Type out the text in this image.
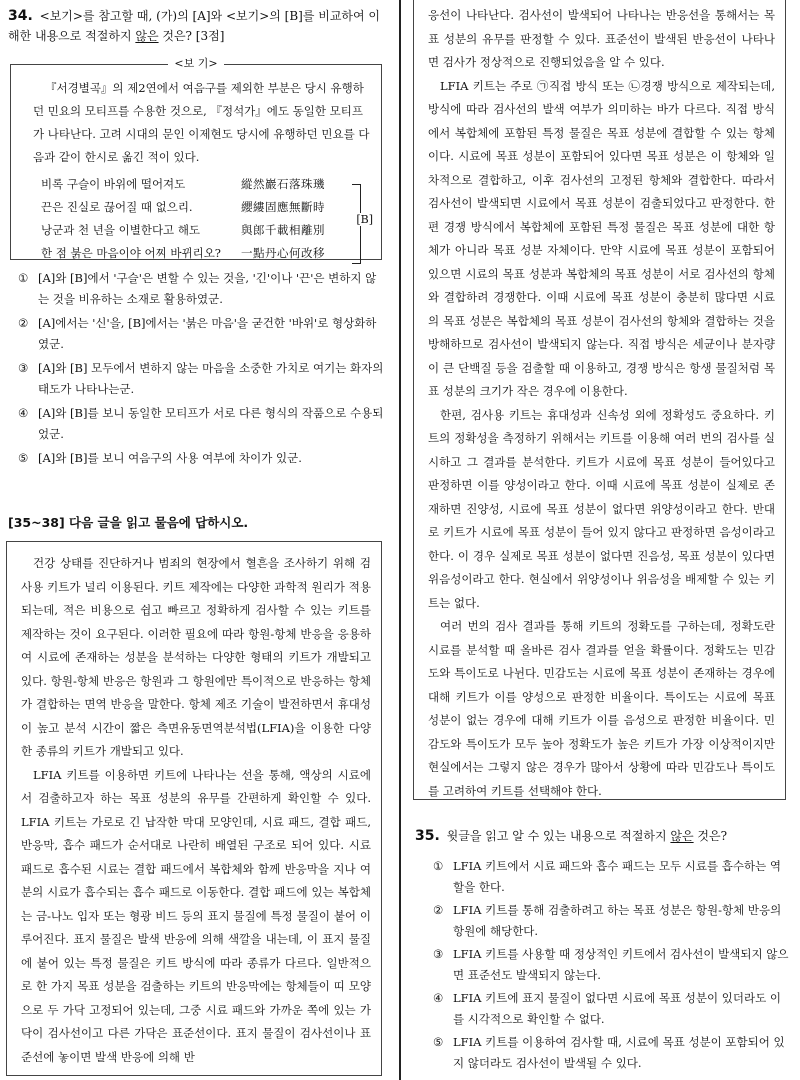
34. <보기>를 참고할 때, (가)의 [A]와 <보기>의 [B]를 비교하여 이해한 내용으로 적절하지 않은 것은? [3점]
<보 기>

『서경별곡』의 제2연에서 여음구를 제외한 부분은 당시 유행하던 민요의 모티프를 수용한 것으로, 『정석가』에도 동일한 모티프가 나타난다. 고려 시대의 문인 이제현도 당시에 유행하던 민요를 다음과 같이 한시로 옮긴 적이 있다.

비록 구슬이 바위에 떨어져도	縱然巖石落珠璣
끈은 진실로 끊어질 때 없으리.	纓縷固應無斷時
낭군과 천 년을 이별한다고 해도	與郎千載相離別
한 점 붉은 마음이야 어찌 바뀌리오? 一點丹心何改移
[B]
① [A]와 [B]에서 '구슬'은 변할 수 있는 것을, '긴'이나 '끈'은 변하지 않는 것을 비유하는 소재로 활용하였군.
② [A]에서는 '신'을, [B]에서는 '붉은 마음'을 굳건한 '바위'로 형상화하였군.
③ [A]와 [B] 모두에서 변하지 않는 마음을 소중한 가치로 여기는 화자의 태도가 나타나는군.
④ [A]와 [B]를 보니 동일한 모티프가 서로 다른 형식의 작품으로 수용되었군.
⑤ [A]와 [B]를 보니 여음구의 사용 여부에 차이가 있군.
[35~38] 다음 글을 읽고 물음에 답하시오.

건강 상태를 진단하거나 범죄의 현장에서 혈흔을 조사하기 위해 검사용 키트가 널리 이용된다. 키트 제작에는 다양한 과학적 원리가 적용되는데, 적은 비용으로 쉽고 빠르고 정확하게 검사할 수 있는 키트를 제작하는 것이 요구된다. 이러한 필요에 따라 항원-항체 반응을 응용하여 시료에 존재하는 성분을 분석하는 다양한 형태의 키트가 개발되고 있다. 항원-항체 반응은 항원과 그 항원에만 특이적으로 반응하는 항체가 결합하는 면역 반응을 말한다. 항체 제조 기술이 발전하면서 휴대성이 높고 분석 시간이 짧은 측면유동면역분석법(LFIA)을 이용한 다양한 종류의 키트가 개발되고 있다.

LFIA 키트를 이용하면 키트에 나타나는 선을 통해, 액상의 시료에서 검출하고자 하는 목표 성분의 유무를 간편하게 확인할 수 있다. LFIA 키트는 가로로 긴 납작한 막대 모양인데, 시료 패드, 결합 패드, 반응막, 흡수 패드가 순서대로 나란히 배열된 구조로 되어 있다. 시료 패드로 흡수된 시료는 결합 패드에서 복합체와 함께 반응막을 지나 여분의 시료가 흡수되는 흡수 패드로 이동한다. 결합 패드에 있는 복합체는 금-나노 입자 또는 형광 비드 등의 표지 물질에 특정 물질이 붙어 이루어진다. 표지 물질은 발색 반응에 의해 색깔을 내는데, 이 표지 물질에 붙어 있는 특정 물질은 키트 방식에 따라 종류가 다르다. 일반적으로 한 가지 목표 성분을 검출하는 키트의 반응막에는 항체들이 띠 모양으로 두 가닥 고정되어 있는데, 그중 시료 패드와 가까운 쪽에 있는 가닥이 검사선이고 다른 가닥은 표준선이다. 표지 물질이 검사선이나 표준선에 놓이면 발색 반응에 의해 반

응선이 나타난다. 검사선이 발색되어 나타나는 반응선을 통해서는 목표 성분의 유무를 판정할 수 있다. 표준선이 발색된 반응선이 나타나면 검사가 정상적으로 진행되었음을 알 수 있다.

LFIA 키트는 주로 ㉠직접 방식 또는 ㉡경쟁 방식으로 제작되는데, 방식에 따라 검사선의 발색 여부가 의미하는 바가 다르다. 직접 방식에서 복합체에 포함된 특정 물질은 목표 성분에 결합할 수 있는 항체이다. 시료에 목표 성분이 포함되어 있다면 목표 성분은 이 항체와 일차적으로 결합하고, 이후 검사선의 고정된 항체와 결합한다. 따라서 검사선이 발색되면 시료에서 목표 성분이 검출되었다고 판정한다. 한편 경쟁 방식에서 복합체에 포함된 특정 물질은 목표 성분에 대한 항체가 아니라 목표 성분 자체이다. 만약 시료에 목표 성분이 포함되어 있으면 시료의 목표 성분과 복합체의 목표 성분이 서로 검사선의 항체와 결합하려 경쟁한다. 이때 시료에 목표 성분이 충분히 많다면 시료의 목표 성분은 복합체의 목표 성분이 검사선의 항체와 결합하는 것을 방해하므로 검사선이 발색되지 않는다. 직접 방식은 세균이나 분자량이 큰 단백질 등을 검출할 때 이용하고, 경쟁 방식은 항생 물질처럼 목표 성분의 크기가 작은 경우에 이용한다.

한편, 검사용 키트는 휴대성과 신속성 외에 정확성도 중요하다. 키트의 정확성을 측정하기 위해서는 키트를 이용해 여러 번의 검사를 실시하고 그 결과를 분석한다. 키트가 시료에 목표 성분이 들어있다고 판정하면 이를 양성이라고 한다. 이때 시료에 목표 성분이 실제로 존재하면 진양성, 시료에 목표 성분이 없다면 위양성이라고 한다. 반대로 키트가 시료에 목표 성분이 들어 있지 않다고 판정하면 음성이라고 한다. 이 경우 실제로 목표 성분이 없다면 진음성, 목표 성분이 있다면 위음성이라고 한다. 현실에서 위양성이나 위음성을 배제할 수 있는 키트는 없다.

여러 번의 검사 결과를 통해 키트의 정확도를 구하는데, 정확도란 시료를 분석할 때 올바른 검사 결과를 얻을 확률이다. 정확도는 민감도와 특이도로 나뉜다. 민감도는 시료에 목표 성분이 존재하는 경우에 대해 키트가 이를 양성으로 판정한 비율이다. 특이도는 시료에 목표 성분이 없는 경우에 대해 키트가 이를 음성으로 판정한 비율이다. 민감도와 특이도가 모두 높아 정확도가 높은 키트가 가장 이상적이지만 현실에서는 그렇지 않은 경우가 많아서 상황에 따라 민감도나 특이도를 고려하여 키트를 선택해야 한다.

35. 윗글을 읽고 알 수 있는 내용으로 적절하지 않은 것은?
① LFIA 키트에서 시료 패드와 흡수 패드는 모두 시료를 흡수하는 역할을 한다.
② LFIA 키트를 통해 검출하려고 하는 목표 성분은 항원-항체 반응의 항원에 해당한다.
③ LFIA 키트를 사용할 때 정상적인 키트에서 검사선이 발색되지 않으면 표준선도 발색되지 않는다.
④ LFIA 키트에 표지 물질이 없다면 시료에 목표 성분이 있더라도 이를 시각적으로 확인할 수 없다.
⑤ LFIA 키트를 이용하여 검사할 때, 시료에 목표 성분이 포함되어 있지 않더라도 검사선이 발색될 수 있다.
